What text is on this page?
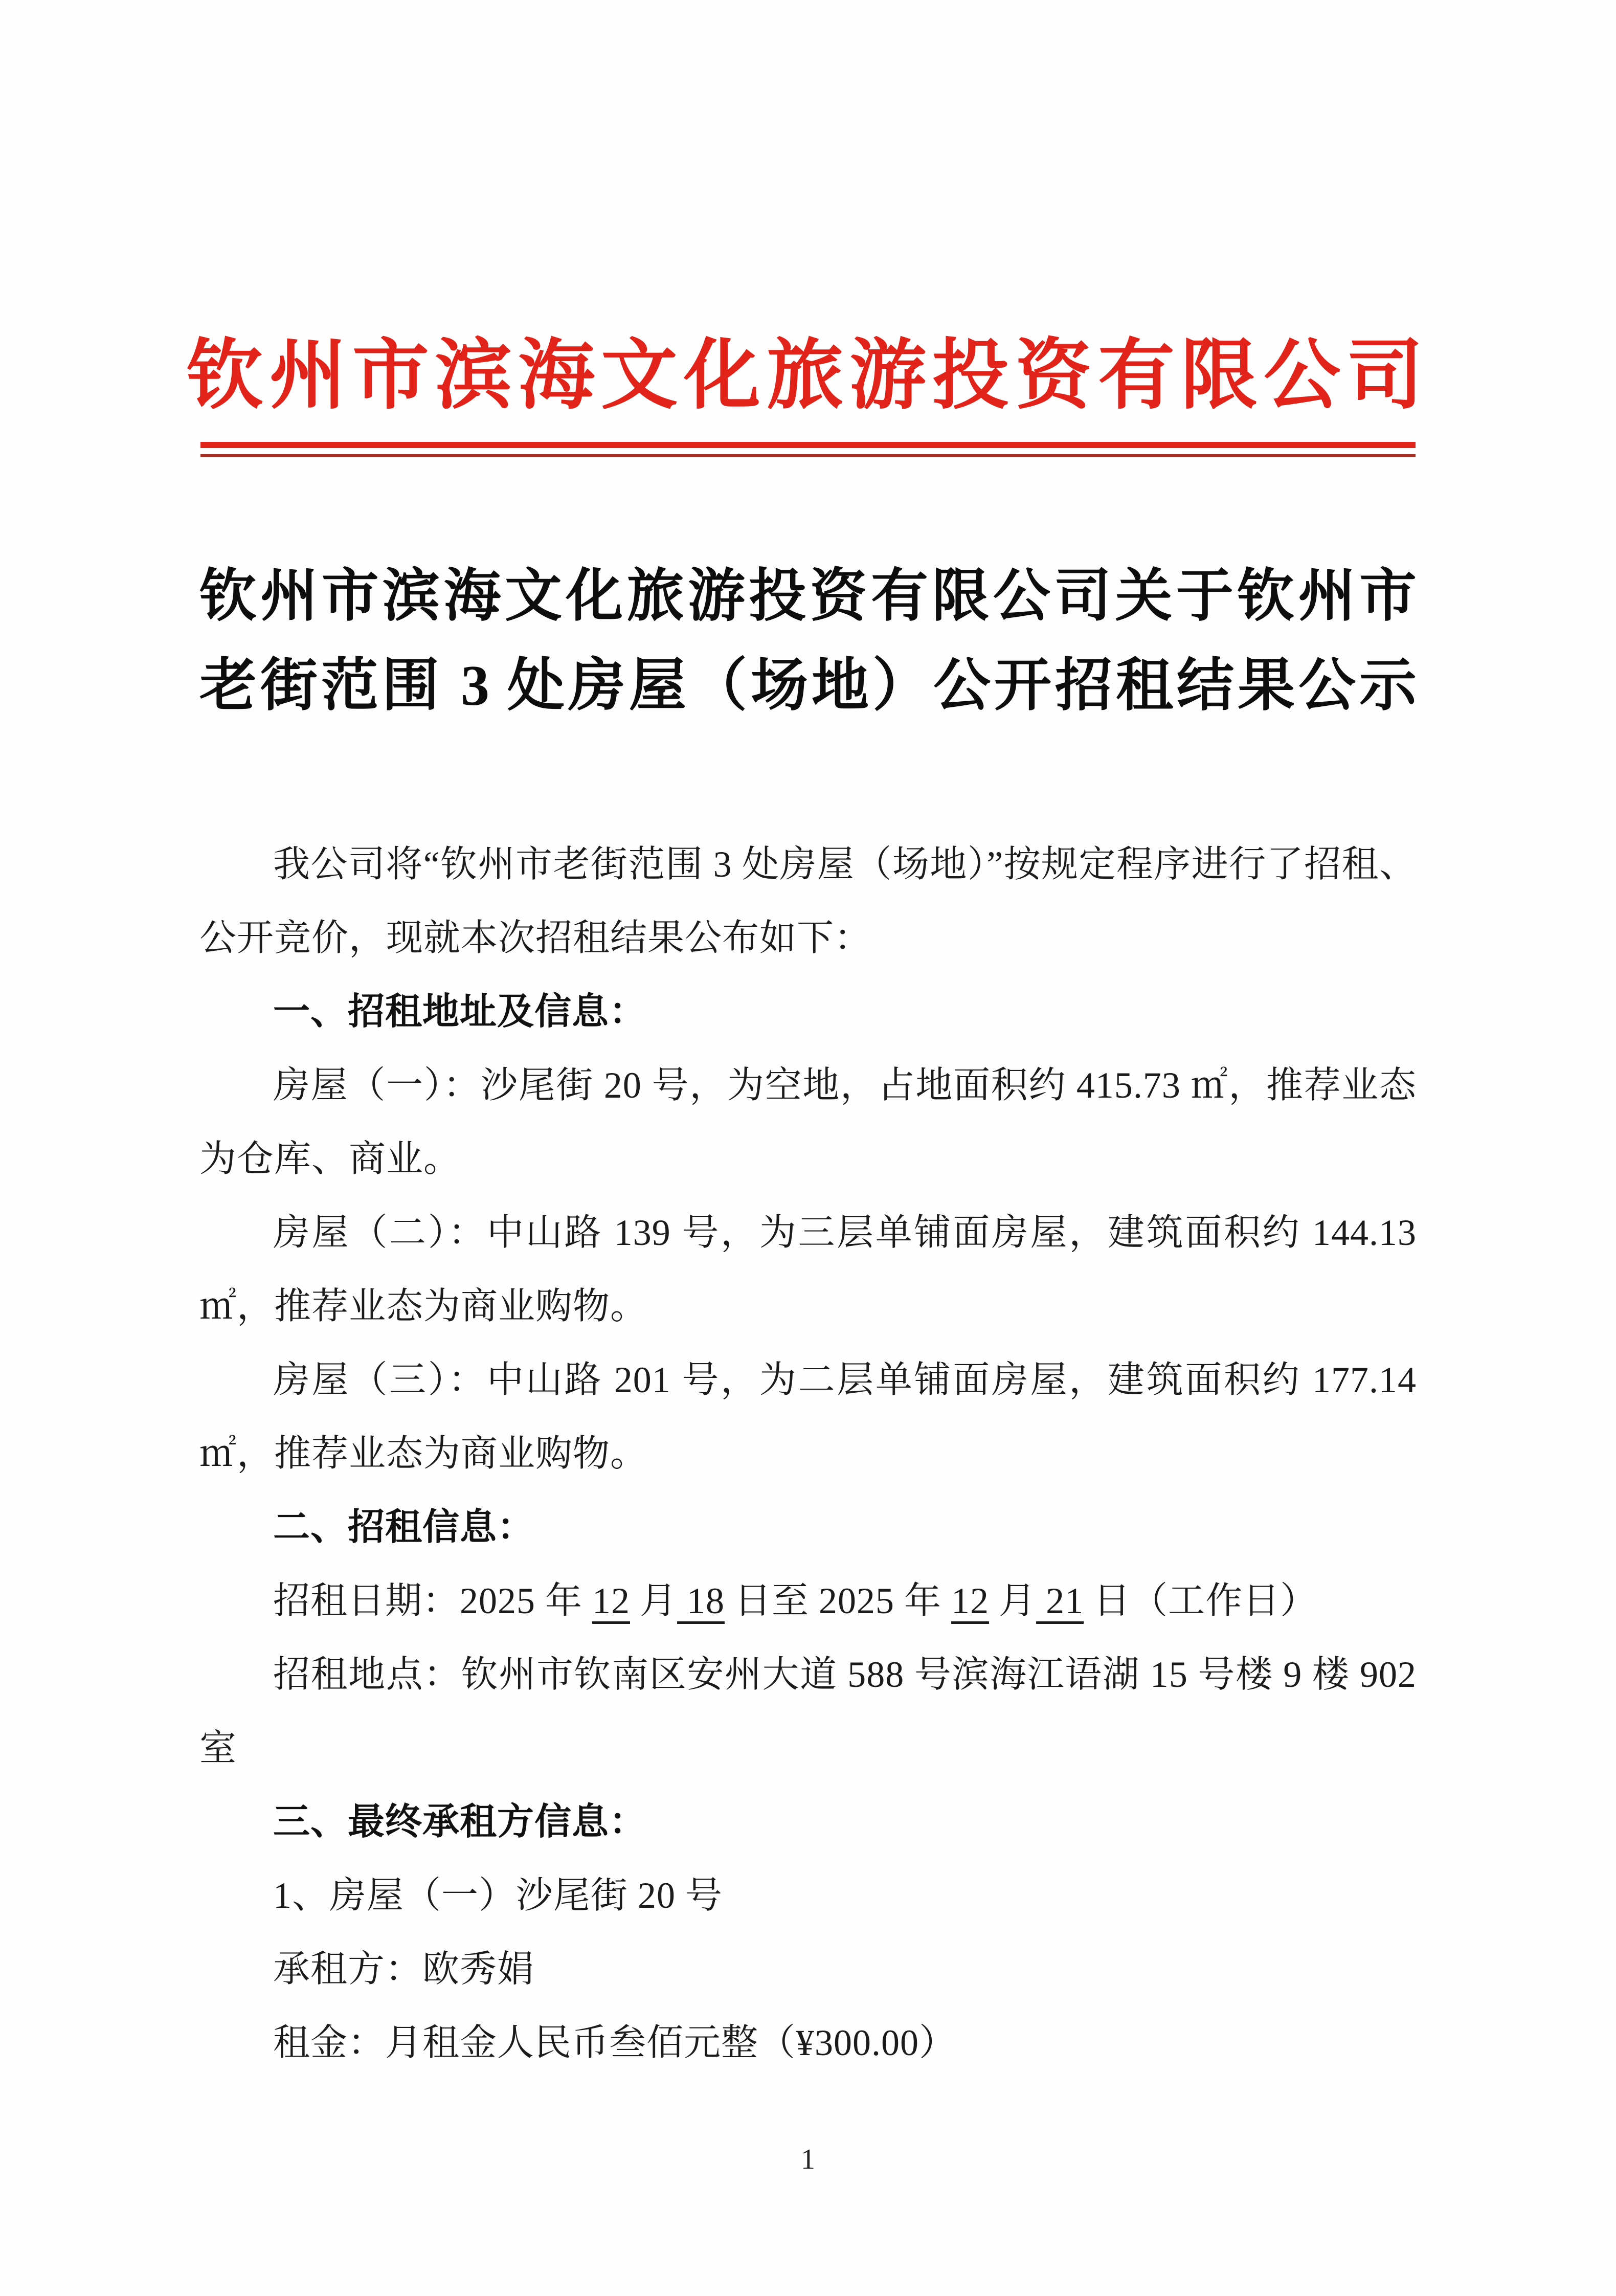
钦州市滨海文化旅游投资有限公司
钦州市滨海文化旅游投资有限公司关于钦州市
老街范围 3 处房屋（场地）公开招租结果公示

我公司将“钦州市老街范围 3 处房屋（场地）”按规定程序进行了招租、公开竞价，现就本次招租结果公布如下：

一、招租地址及信息：

房屋（一）：沙尾街 20 号，为空地，占地面积约 415.73 ㎡，推荐业态为仓库、商业。

房屋（二）：中山路 139 号，为三层单铺面房屋，建筑面积约 144.13 ㎡，推荐业态为商业购物。

房屋（三）：中山路 201 号，为二层单铺面房屋，建筑面积约 177.14 ㎡，推荐业态为商业购物。

二、招租信息：

招租日期：2025 年 12 月 18 日至 2025 年 12 月 21 日（工作日）

招租地点：钦州市钦南区安州大道 588 号滨海江语湖 15 号楼 9 楼 902 室

三、最终承租方信息：

1、房屋（一）沙尾街 20 号

承租方：欧秀娟

租金：月租金人民币叁佰元整（¥300.00）

1
